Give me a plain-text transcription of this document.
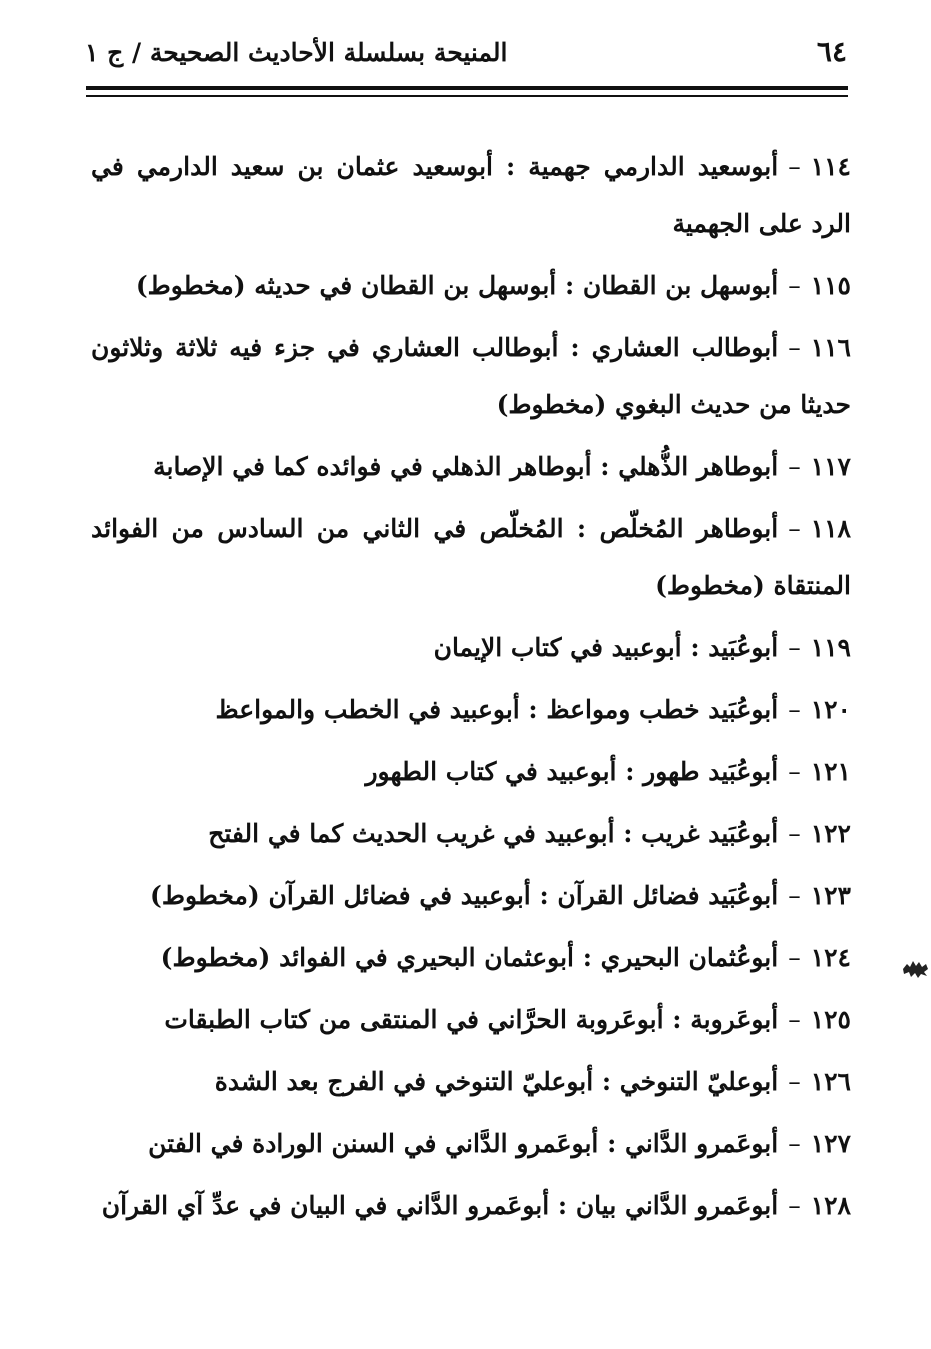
٦٤
المنيحة بسلسلة الأحاديث الصحيحة / ج ١
١١٤–أبوسعيد الدارمي جهمية : أبوسعيد عثمان بن سعيد الدارمي في الرد على الجهمية
١١٥–أبوسهل بن القطان : أبوسهل بن القطان في حديثه (مخطوط)
١١٦–أبوطالب العشاري : أبوطالب العشاري في جزء فيه ثلاثة وثلاثون حديثا من حديث البغوي (مخطوط)
١١٧–أبوطاهر الذُّهلي : أبوطاهر الذهلي في فوائده كما في الإصابة
١١٨–أبوطاهر المُخلّص : المُخلّص في الثاني من السادس من الفوائد المنتقاة (مخطوط)
١١٩–أبوعُبَيد : أبوعبيد في كتاب الإيمان
١٢٠–أبوعُبَيد خطب ومواعظ : أبوعبيد في الخطب والمواعظ
١٢١–أبوعُبَيد طهور : أبوعبيد في كتاب الطهور
١٢٢–أبوعُبَيد غريب : أبوعبيد في غريب الحديث كما في الفتح
١٢٣–أبوعُبَيد فضائل القرآن : أبوعبيد في فضائل القرآن (مخطوط)
١٢٤–أبوعُثمان البحيري : أبوعثمان البحيري في الفوائد (مخطوط)
١٢٥–أبوعَروبة : أبوعَروبة الحرَّاني في المنتقى من كتاب الطبقات
١٢٦–أبوعليّ التنوخي : أبوعليّ التنوخي في الفرج بعد الشدة
١٢٧–أبوعَمرو الدَّاني : أبوعَمرو الدَّاني في السنن الورادة في الفتن
١٢٨–أبوعَمرو الدَّاني بيان : أبوعَمرو الدَّاني في البيان في عدِّ آي القرآن
